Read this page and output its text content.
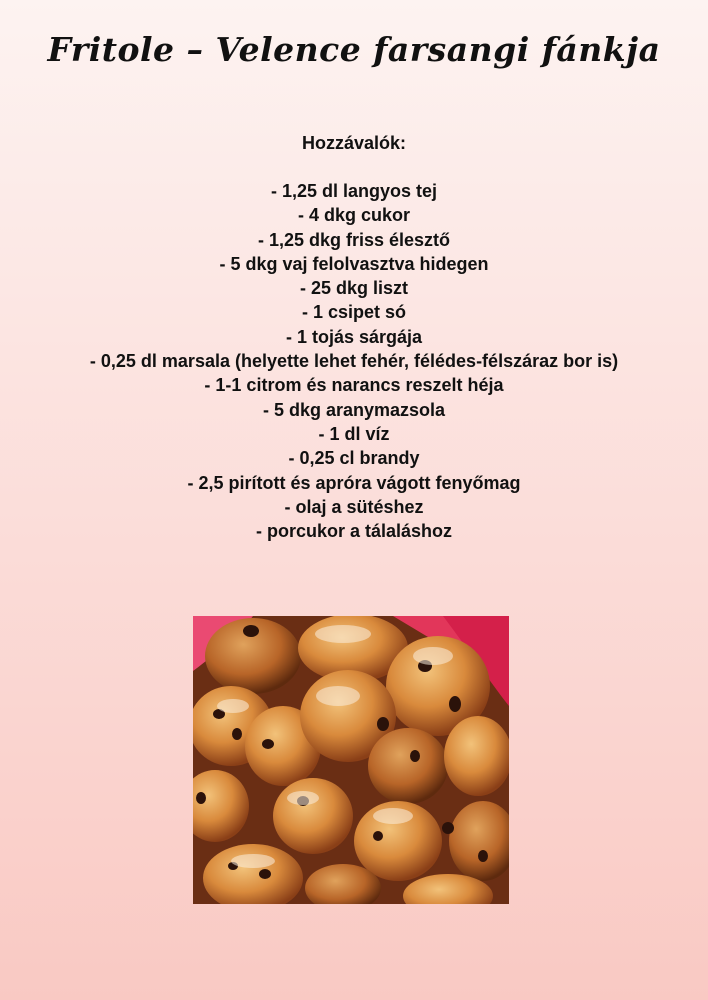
Fritole – Velence farsangi fánkja
Hozzávalók:
- 1,25 dl langyos tej
- 4 dkg cukor
- 1,25 dkg friss élesztő
- 5 dkg vaj felolvasztva hidegen
- 25 dkg liszt
- 1 csipet só
- 1 tojás sárgája
- 0,25 dl marsala (helyette lehet fehér, félédes-félszáraz bor is)
- 1-1 citrom és narancs reszelt héja
- 5 dkg aranymazsola
- 1 dl víz
- 0,25 cl brandy
- 2,5 pirított és apróra vágott fenyőmag
- olaj a sütéshez
- porcukor a tálaláshoz
